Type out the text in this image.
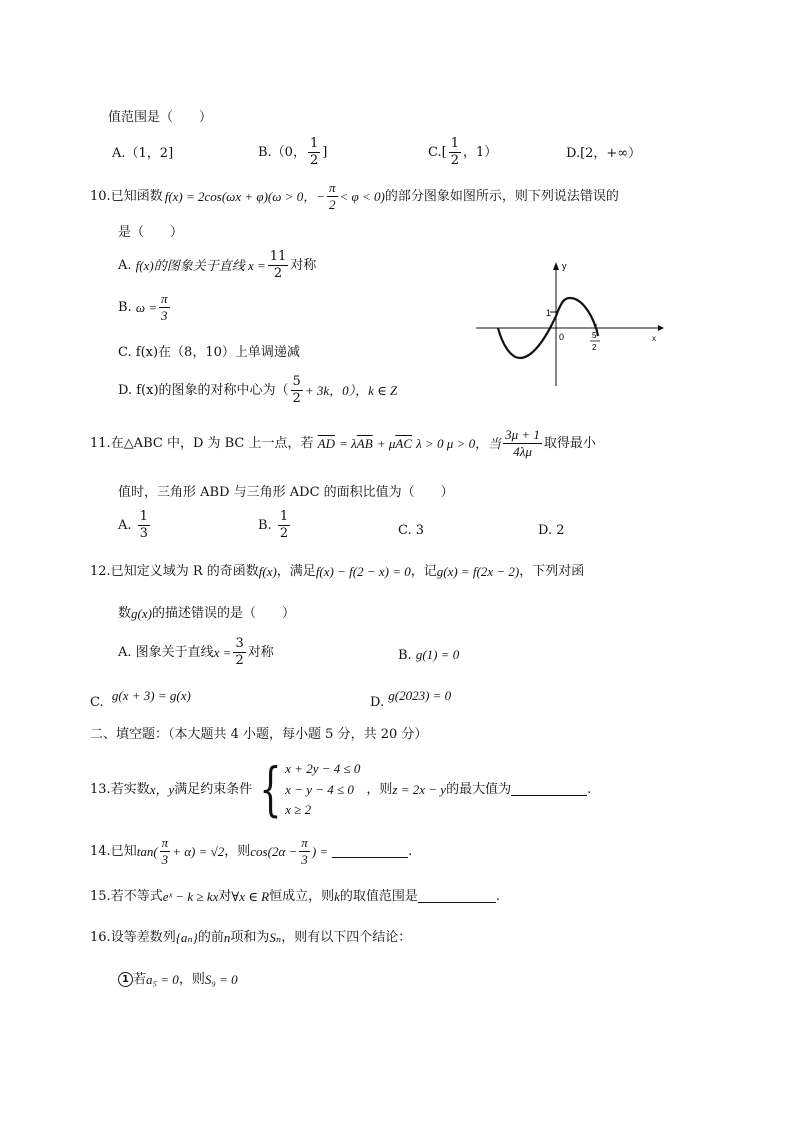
值范围是（　　）
A.（1，2]	B.（0， $\frac{1}{2}$ ]	$C.[ \frac{1}{2}$ ，1）	D.[2，+∞）
10. 已知函数 f(x) = 2cos(ωx + φ)(ω > 0，− $\frac{\pi}{2} < \varphi < 0$) 的部分图象如图所示，则下列说法错误的
是（　　）
A.
f(x)的图象关于直线 $x = \frac{11}{2}$ 对称
B.
$\omega = \frac{\pi}{3}$
C. f(x)在（8，10）上单调递减
D.
f(x)的图象的对称中心为（ $\frac{5}{2} + 3k$，0），k ∈ Z
y
x
0
1
5
2
11. 在△ABC 中，D 为 BC 上一点，若
$\overline{AD}$
= λ $\overline{AB}$
+ μ $\overline{AC}$
λ > 0 μ > 0，当 $\frac{3\mu + 1}{4\lambda\mu}$ 取得最小
值时，三角形 ABD 与三角形 ADC 的面积比值为（　　）
A.
$\frac{1}{3}$	B.
$\frac{1}{2}$	C. 3	D. 2
12. 已知定义域为 R 的奇函数 f(x) ，满足 f(x) − f(2 − x) = 0 ，记 g(x) = f(2x − 2) ，下列对函
数 g(x) 的描述错误的是（　　）
A. 图象关于直线 $x = \frac{3}{2}$ 对称	B. g(1) = 0
C. g(x + 3) = g(x)	D. g(2023) = 0
二、填空题：（本大题共 4 小题，每小题 5 分，共 20 分）
13. 若实数 x，y 满足约束条件 { x + 2y − 4 ≤ 0
x − y − 4 ≤ 0
x ≥ 2
，则 z = 2x − y 的最大值为	.
14. 已知 $\tan( \frac{\pi}{3} + \alpha) = √2$ ，则 $\cos(2\alpha - \frac{\pi}{3}$ ) =	.
15. 若不等式 eˣ − k ≥ kx 对 ∀x ∈ R 恒成立，则 k 的取值范围是	.
16. 设等差数列 {aₙ} 的前 n 项和为 Sₙ ，则有以下四个结论：
1 若 a₅ = 0 ，则 S₉ = 0
